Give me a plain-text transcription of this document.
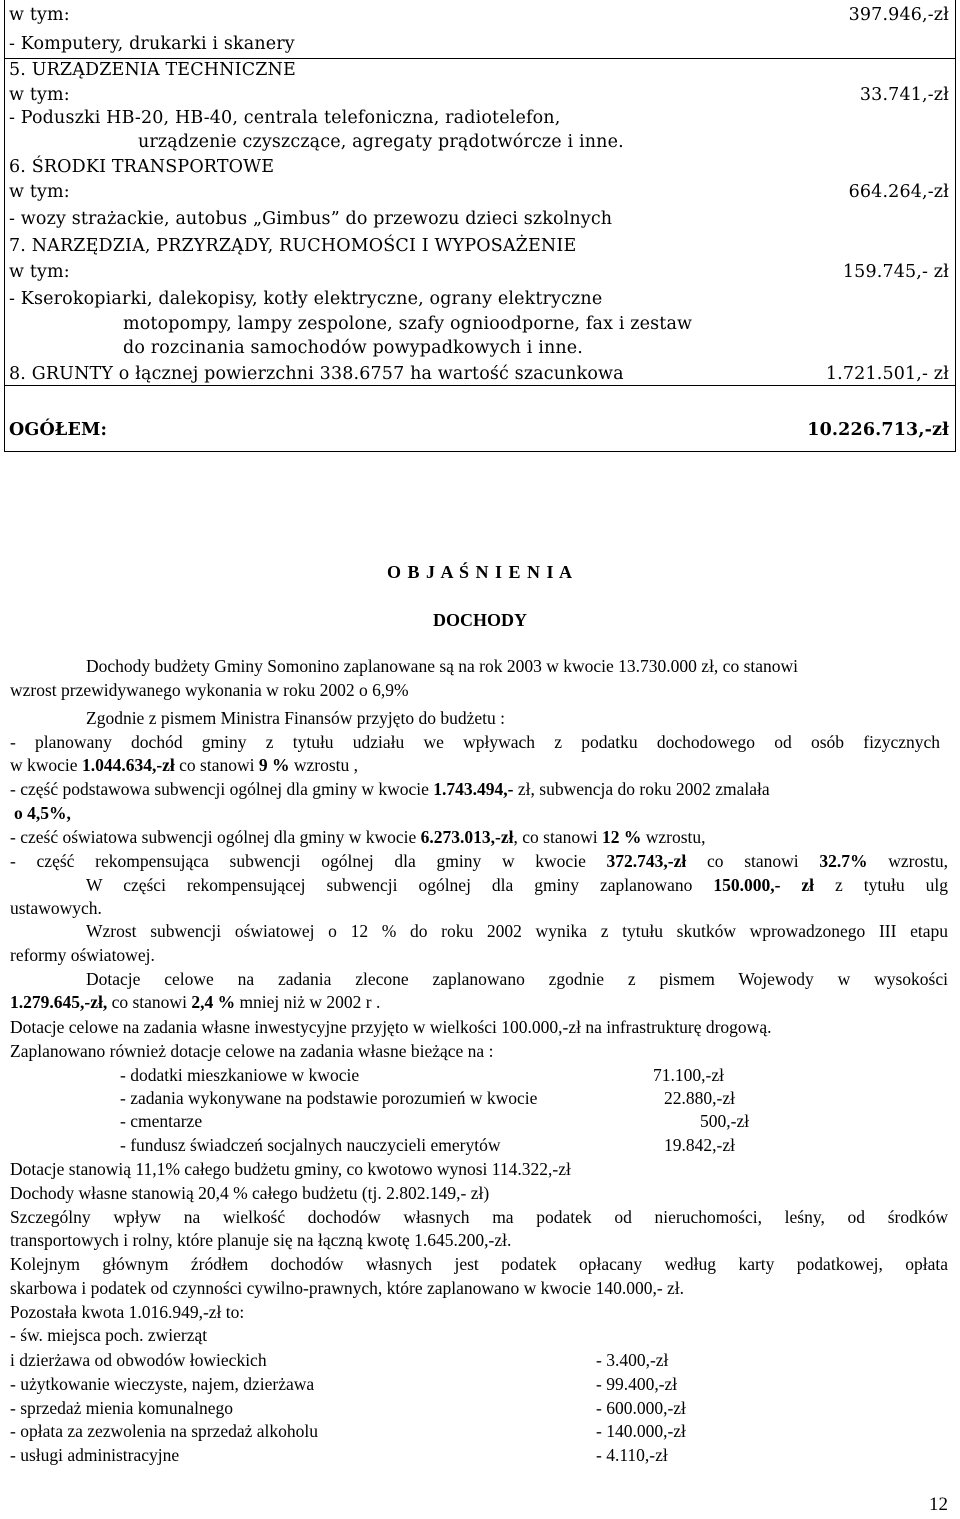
w tym:	397.946,-zł
- Komputery, drukarki i skanery
5. URZĄDZENIA TECHNICZNE
w tym:	33.741,-zł
- Poduszki HB-20, HB-40, centrala telefoniczna, radiotelefon,
urządzenie czyszczące, agregaty prądotwórcze i inne.
6. ŚRODKI TRANSPORTOWE
w tym:	664.264,-zł
- wozy strażackie, autobus „Gimbus” do przewozu dzieci szkolnych
7. NARZĘDZIA, PRZYRZĄDY, RUCHOMOŚCI I WYPOSAŻENIE
w tym:	159.745,- zł
- Kserokopiarki, dalekopisy, kotły elektryczne, ograny elektryczne
motopompy, lampy zespolone, szafy ognioodporne, fax i zestaw
do rozcinania samochodów powypadkowych i inne.
8. GRUNTY o łącznej powierzchni 338.6757 ha wartość szacunkowa	1.721.501,- zł
OGÓŁEM:	10.226.713,-zł
O B J A Ś N I E N I A
DOCHODY
Dochody budżety Gminy Somonino zaplanowane są na rok 2003 w kwocie 13.730.000 zł, co stanowi
wzrost przewidywanego wykonania w roku 2002 o 6,9%
Zgodnie z pismem Ministra Finansów przyjęto do budżetu :
- planowany dochód gminy z tytułu udziału we wpływach z podatku dochodowego od osób fizycznych
w kwocie 1.044.634,-zł co stanowi 9 % wzrostu ,
- część podstawowa subwencji ogólnej dla gminy w kwocie 1.743.494,- zł, subwencja do roku 2002 zmalała
o 4,5%,
- cześć oświatowa subwencji ogólnej dla gminy w kwocie 6.273.013,-zł, co stanowi 12 % wzrostu,
- część rekompensująca subwencji ogólnej dla gminy w kwocie 372.743,-zł co stanowi 32.7% wzrostu,
W części rekompensującej subwencji ogólnej dla gminy zaplanowano 150.000,- zł z tytułu ulg
ustawowych.
Wzrost subwencji oświatowej o 12 % do roku 2002 wynika z tytułu skutków wprowadzonego III etapu
reformy oświatowej.
Dotacje celowe na zadania zlecone zaplanowano zgodnie z pismem Wojewody w wysokości
1.279.645,-zł, co stanowi 2,4 % mniej niż w 2002 r .
Dotacje celowe na zadania własne inwestycyjne przyjęto w wielkości 100.000,-zł na infrastrukturę drogową.
Zaplanowano również dotacje celowe na zadania własne bieżące na :
- dodatki mieszkaniowe w kwocie	71.100,-zł
- zadania wykonywane na podstawie porozumień w kwocie	22.880,-zł
- cmentarze	500,-zł
- fundusz świadczeń socjalnych nauczycieli emerytów	19.842,-zł
Dotacje stanowią 11,1% całego budżetu gminy, co kwotowo wynosi 114.322,-zł
Dochody własne stanowią 20,4 % całego budżetu (tj. 2.802.149,- zł)
Szczególny wpływ na wielkość dochodów własnych ma podatek od nieruchomości, leśny, od środków
transportowych i rolny, które planuje się na łączną kwotę 1.645.200,-zł.
Kolejnym głównym źródłem dochodów własnych jest podatek opłacany według karty podatkowej, opłata
skarbowa i podatek od czynności cywilno-prawnych, które zaplanowano w kwocie 140.000,- zł.
Pozostała kwota 1.016.949,-zł to:
- św. miejsca poch. zwierząt
i dzierżawa od obwodów łowieckich	- 3.400,-zł
- użytkowanie wieczyste, najem, dzierżawa	- 99.400,-zł
- sprzedaż mienia komunalnego	- 600.000,-zł
- opłata za zezwolenia na sprzedaż alkoholu	- 140.000,-zł
- usługi administracyjne	- 4.110,-zł
12
